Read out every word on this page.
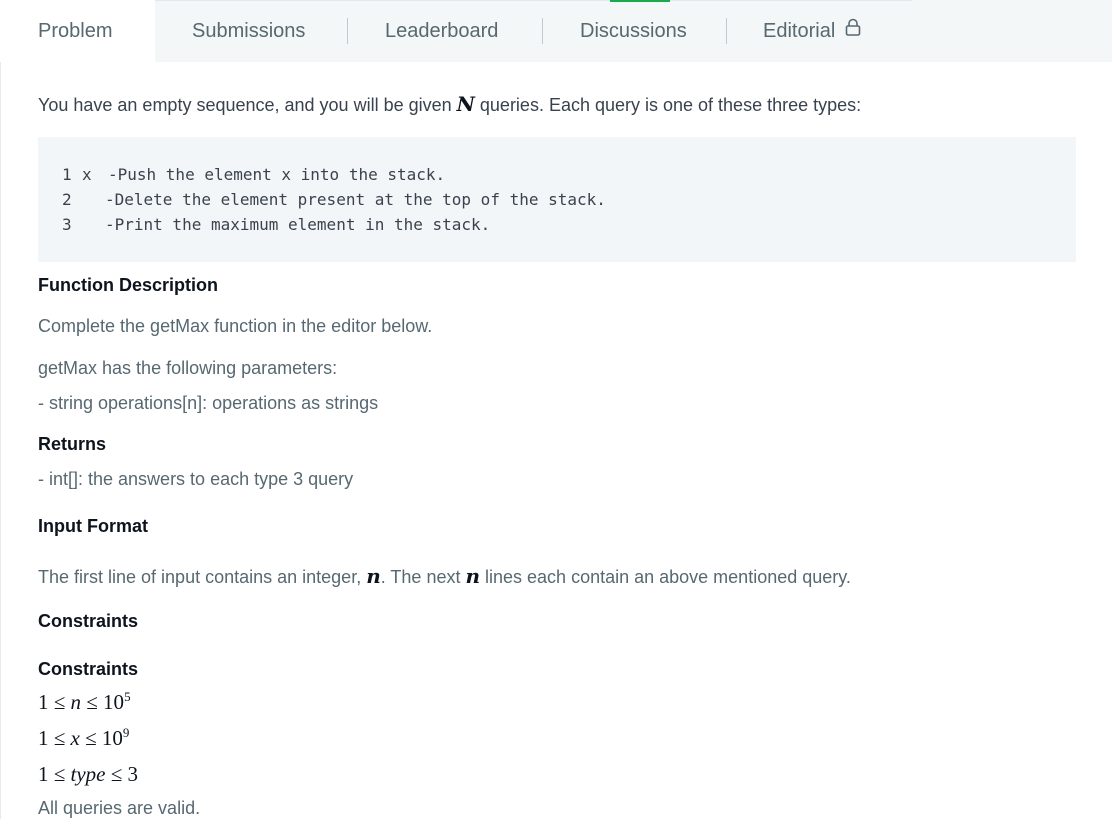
Problem	Submissions	Leaderboard	Discussions	Editorial
You have an empty sequence, and you will be given N queries. Each query is one of these three types:
1 x -Push the element x into the stack.
2 -Delete the element present at the top of the stack.
3 -Print the maximum element in the stack.
Function Description
Complete the getMax function in the editor below.
getMax has the following parameters:
- string operations[n]: operations as strings
Returns
- int[]: the answers to each type 3 query
Input Format
The first line of input contains an integer, n. The next n lines each contain an above mentioned query.
Constraints
Constraints
$1 \le n \le 10^5$
$1 \le x \le 10^9$
1 ≤ type ≤ 3
All queries are valid.
